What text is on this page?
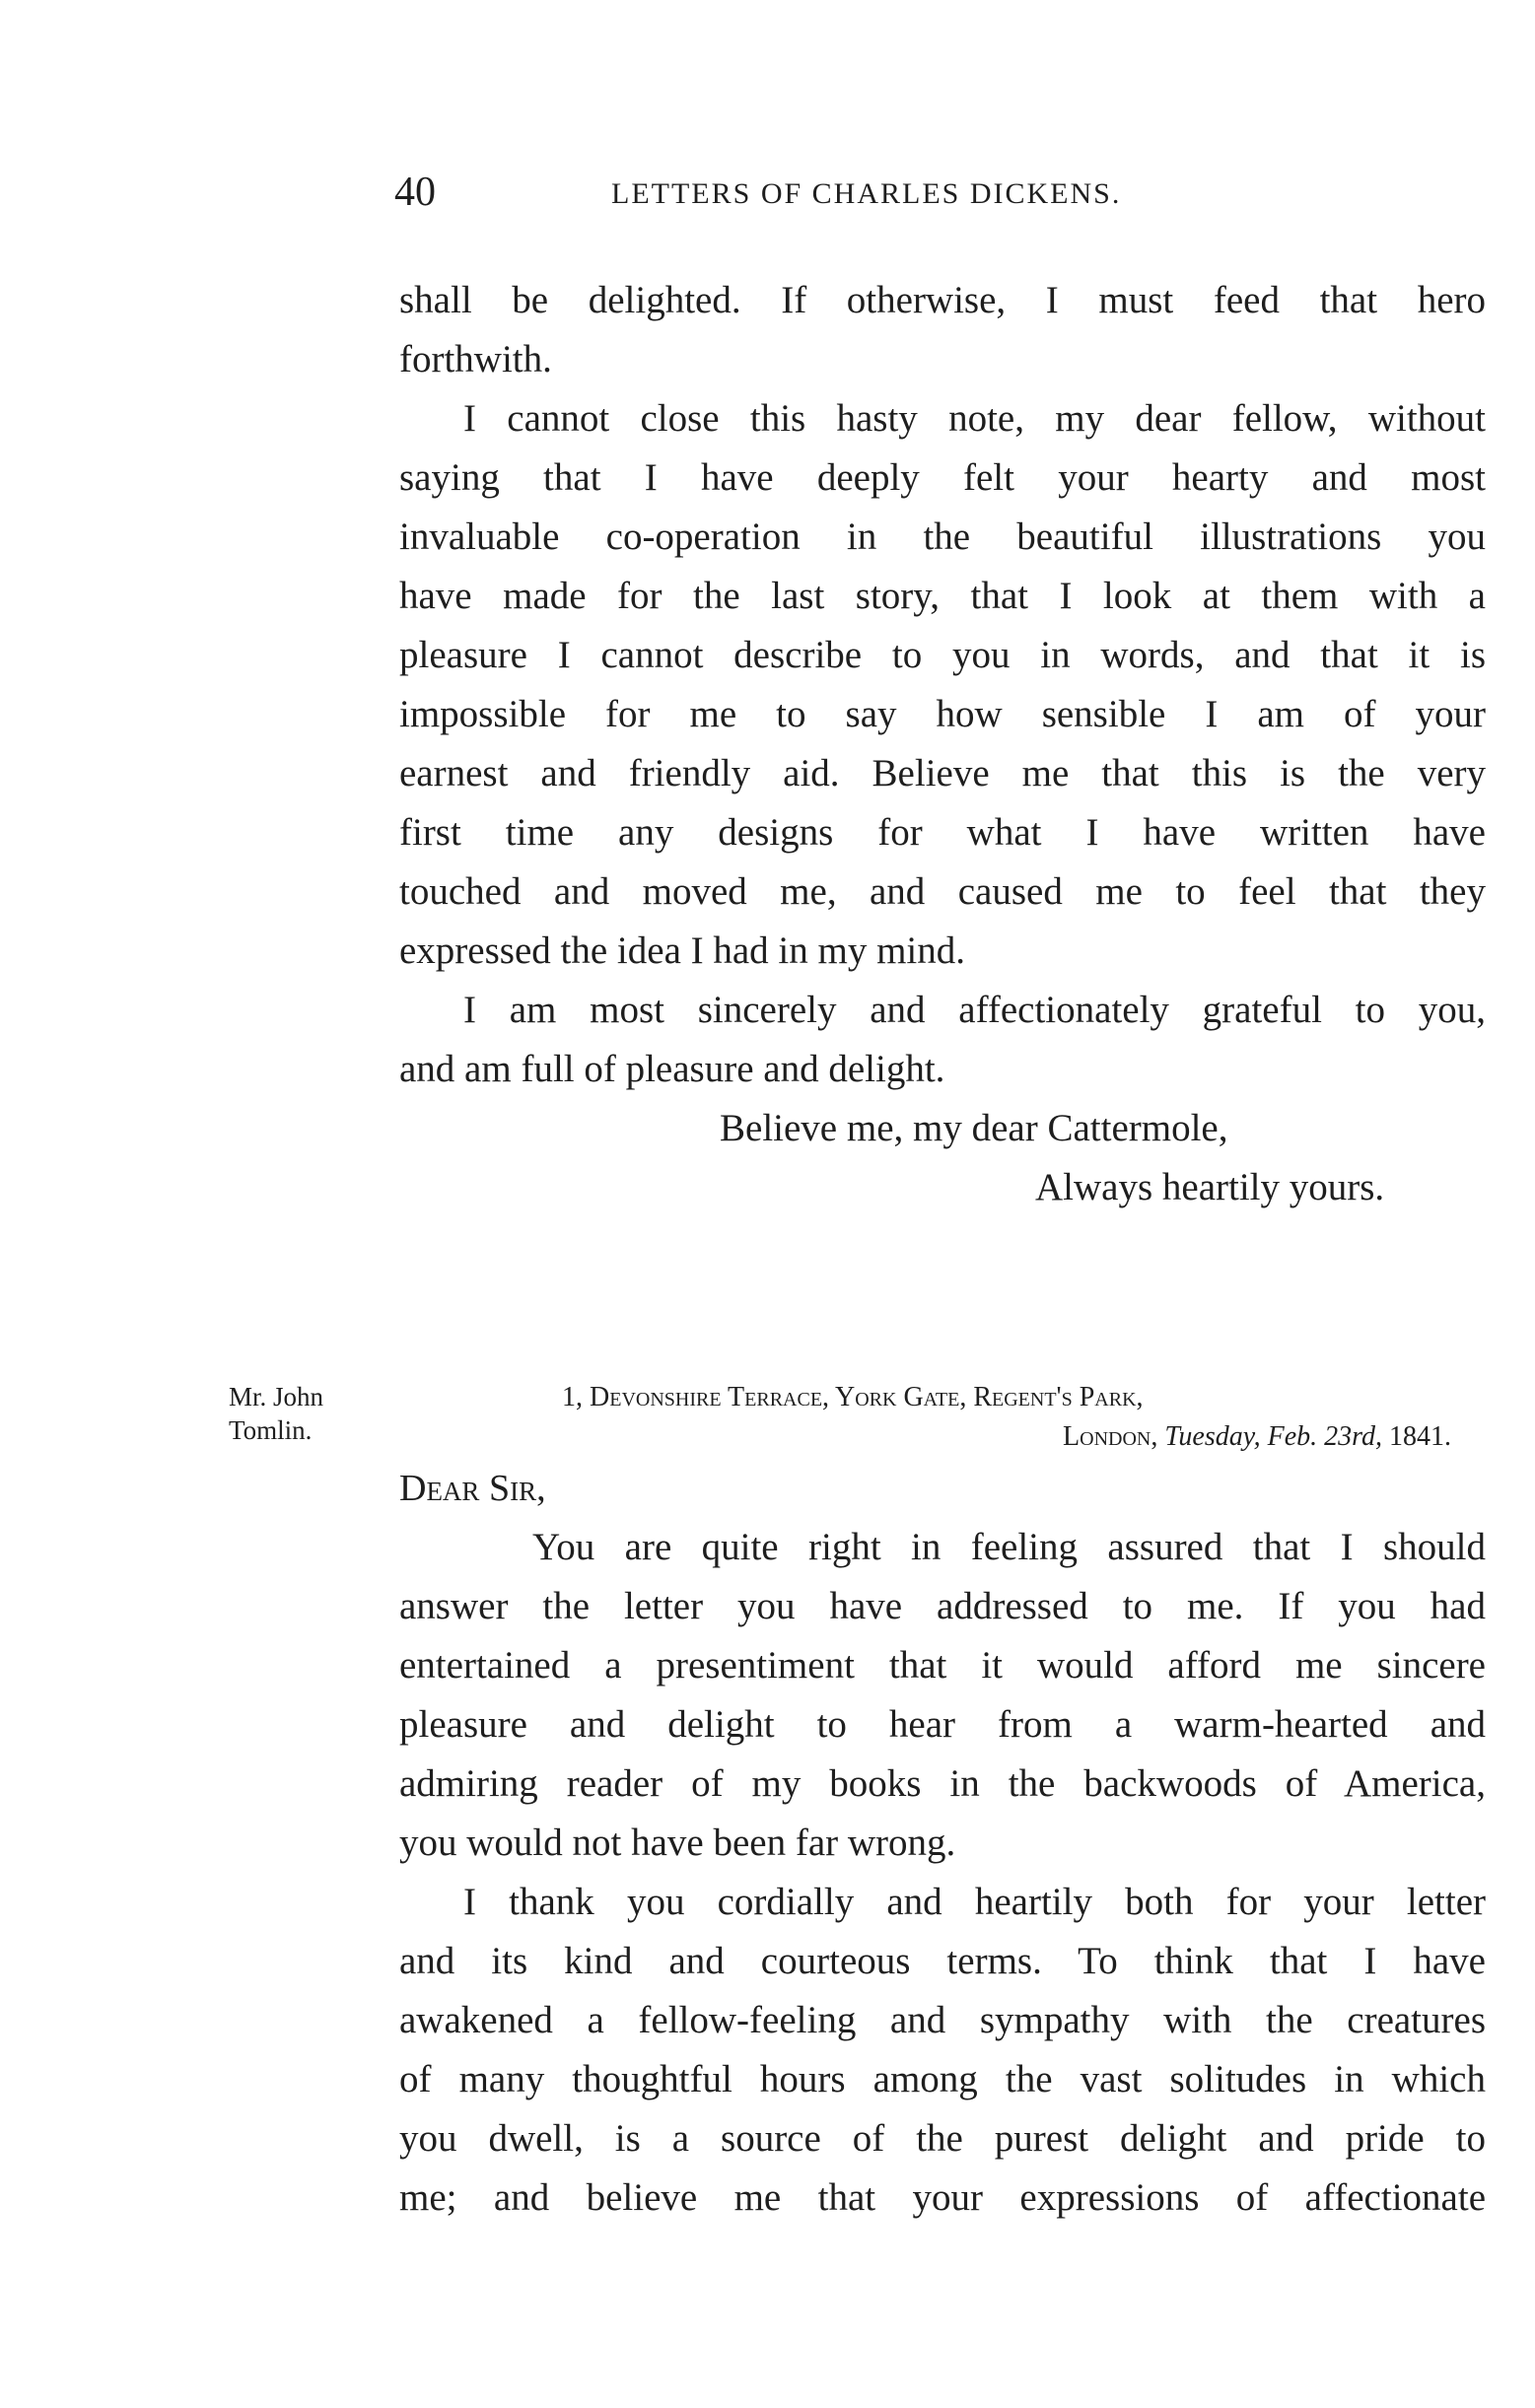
40	LETTERS OF CHARLES DICKENS.
shall be delighted. If otherwise, I must feed that hero
forthwith.
I cannot close this hasty note, my dear fellow, without
saying that I have deeply felt your hearty and most
invaluable co-operation in the beautiful illustrations you
have made for the last story, that I look at them with a
pleasure I cannot describe to you in words, and that it is
impossible for me to say how sensible I am of your
earnest and friendly aid. Believe me that this is the very
first time any designs for what I have written have
touched and moved me, and caused me to feel that they
expressed the idea I had in my mind.
I am most sincerely and affectionately grateful to you,
and am full of pleasure and delight.
Believe me, my dear Cattermole,
Always heartily yours.
Mr. John
Tomlin.
1, Devonshire Terrace, York Gate, Regent's Park,
London, Tuesday, Feb. 23rd, 1841.
Dear Sir,
You are quite right in feeling assured that I should
answer the letter you have addressed to me. If you had
entertained a presentiment that it would afford me sincere
pleasure and delight to hear from a warm-hearted and
admiring reader of my books in the backwoods of America,
you would not have been far wrong.
I thank you cordially and heartily both for your letter
and its kind and courteous terms. To think that I have
awakened a fellow-feeling and sympathy with the creatures
of many thoughtful hours among the vast solitudes in which
you dwell, is a source of the purest delight and pride to
me; and believe me that your expressions of affectionate
